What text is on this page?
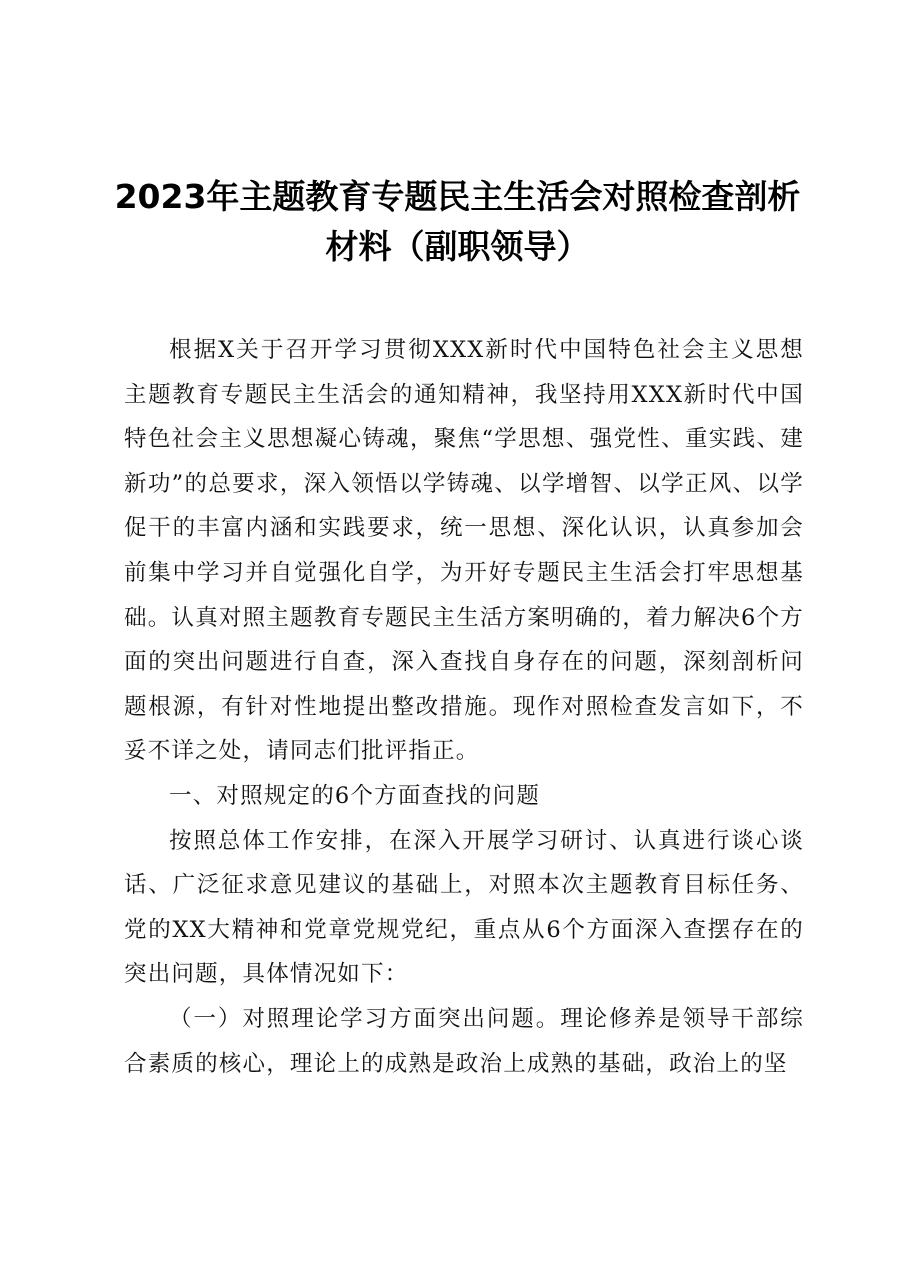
2023年主题教育专题民主生活会对照检查剖析材料（副职领导）

根据X关于召开学习贯彻XXX新时代中国特色社会主义思想主题教育专题民主生活会的通知精神，我坚持用XXX新时代中国特色社会主义思想凝心铸魂，聚焦“学思想、强党性、重实践、建新功”的总要求，深入领悟以学铸魂、以学增智、以学正风、以学促干的丰富内涵和实践要求，统一思想、深化认识，认真参加会前集中学习并自觉强化自学，为开好专题民主生活会打牢思想基础。认真对照主题教育专题民主生活方案明确的，着力解决6个方面的突出问题进行自查，深入查找自身存在的问题，深刻剖析问题根源，有针对性地提出整改措施。现作对照检查发言如下，不妥不详之处，请同志们批评指正。

一、对照规定的6个方面查找的问题

按照总体工作安排，在深入开展学习研讨、认真进行谈心谈话、广泛征求意见建议的基础上，对照本次主题教育目标任务、党的XX大精神和党章党规党纪，重点从6个方面深入查摆存在的突出问题，具体情况如下：

（一）对照理论学习方面突出问题。理论修养是领导干部综合素质的核心，理论上的成熟是政治上成熟的基础，政治上的坚
